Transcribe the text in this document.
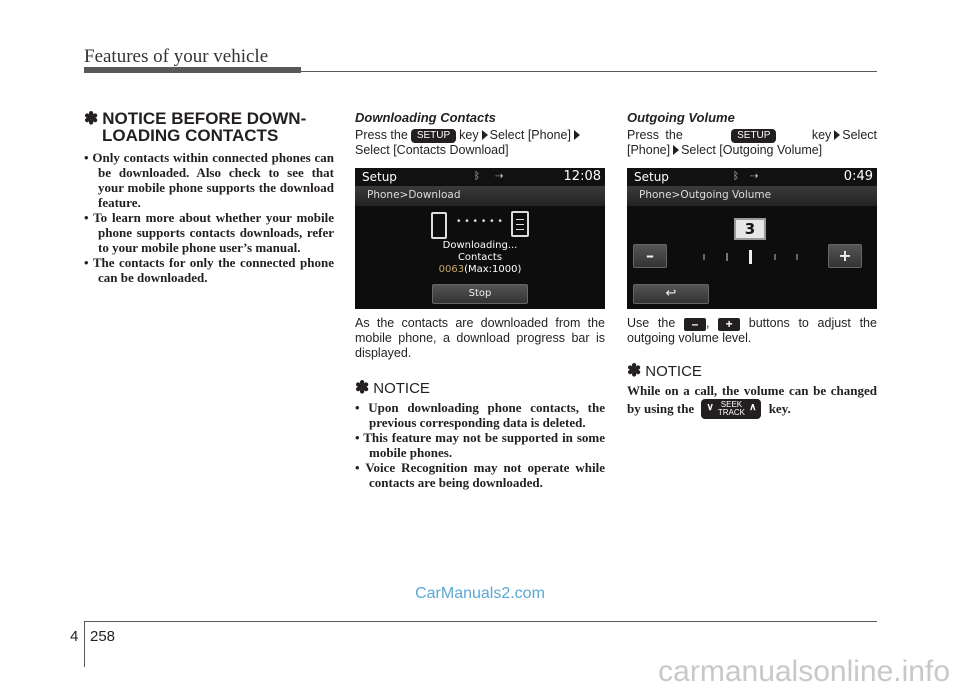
Features of your vehicle
✽ NOTICE BEFORE DOWN-
LOADING CONTACTS
• Only contacts within connected phones can be downloaded. Also check to see that your mobile phone supports the download feature.
• To learn more about whether your mobile phone supports contacts downloads, refer to your mobile phone user’s manual.
• The contacts for only the connected phone can be downloaded.
Downloading Contacts
Press the SETUP key Select [Phone]
Select [Contacts Download]
Setup	ᛒ ⇢	12:08
Phone>Download
• • • • • •
Downloading...
Contacts
0063(Max:1000)
Stop
As the contacts are downloaded from the mobile phone, a download progress bar is displayed.
✽ NOTICE
• Upon downloading phone contacts, the previous corresponding data is deleted.
• This feature may not be supported in some mobile phones.
• Voice Recognition may not operate while contacts are being downloaded.
Outgoing Volume
Press the	SETUP	key Select
[Phone] Select [Outgoing Volume]
Setup	ᛒ ⇢	0:49
Phone>Outgoing Volume
3
–	+
↩
Use the – , + buttons to adjust the outgoing volume level.
✽ NOTICE
While on a call, the volume can be changed by using the ∨ SEEK
TRACK ∧ key.
CarManuals2.com
4 258
carmanualsonline.info
